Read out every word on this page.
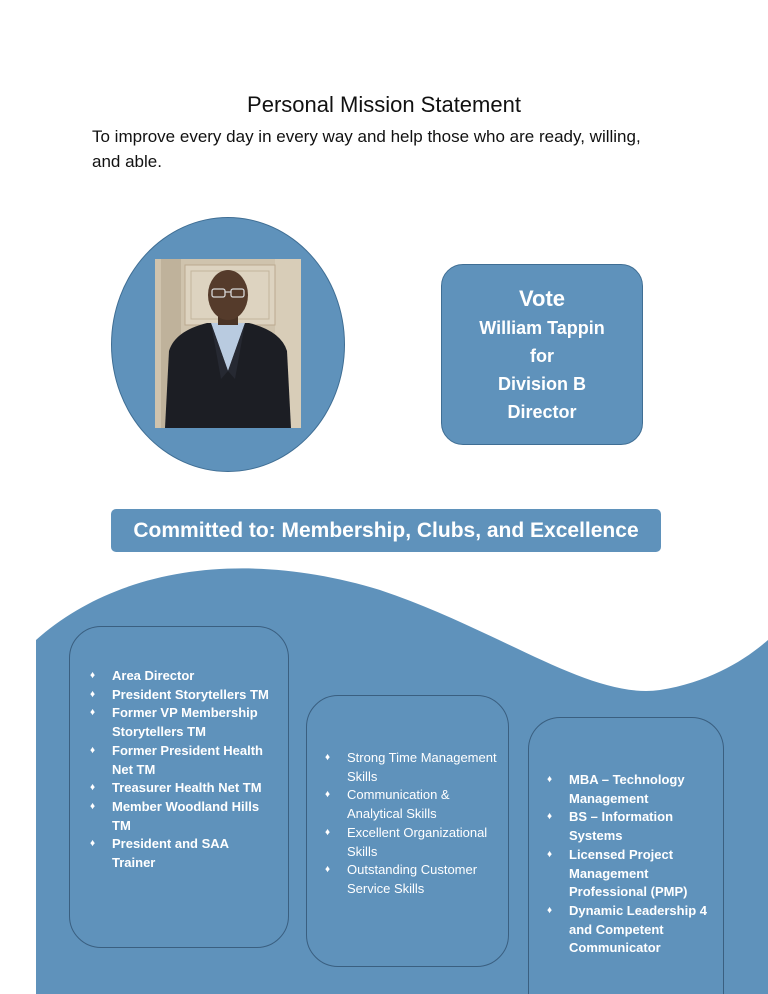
Personal Mission Statement

To improve every day in every way and help those who are ready, willing, and able.

Vote
William Tappin
for
Division B
Director
Committed to: Membership, Clubs, and Excellence
♦ Area Director
♦ President Storytellers TM
♦ Former VP Membership Storytellers TM
♦ Former President Health Net TM
♦ Treasurer Health Net TM
♦ Member Woodland Hills TM
♦ President and SAA Trainer
♦ Strong Time Management Skills
♦ Communication & Analytical Skills
♦ Excellent Organizational Skills
♦ Outstanding Customer Service Skills
♦ MBA – Technology Management
♦ BS – Information Systems
♦ Licensed Project Management Professional (PMP)
♦ Dynamic Leadership 4 and Competent Communicator
